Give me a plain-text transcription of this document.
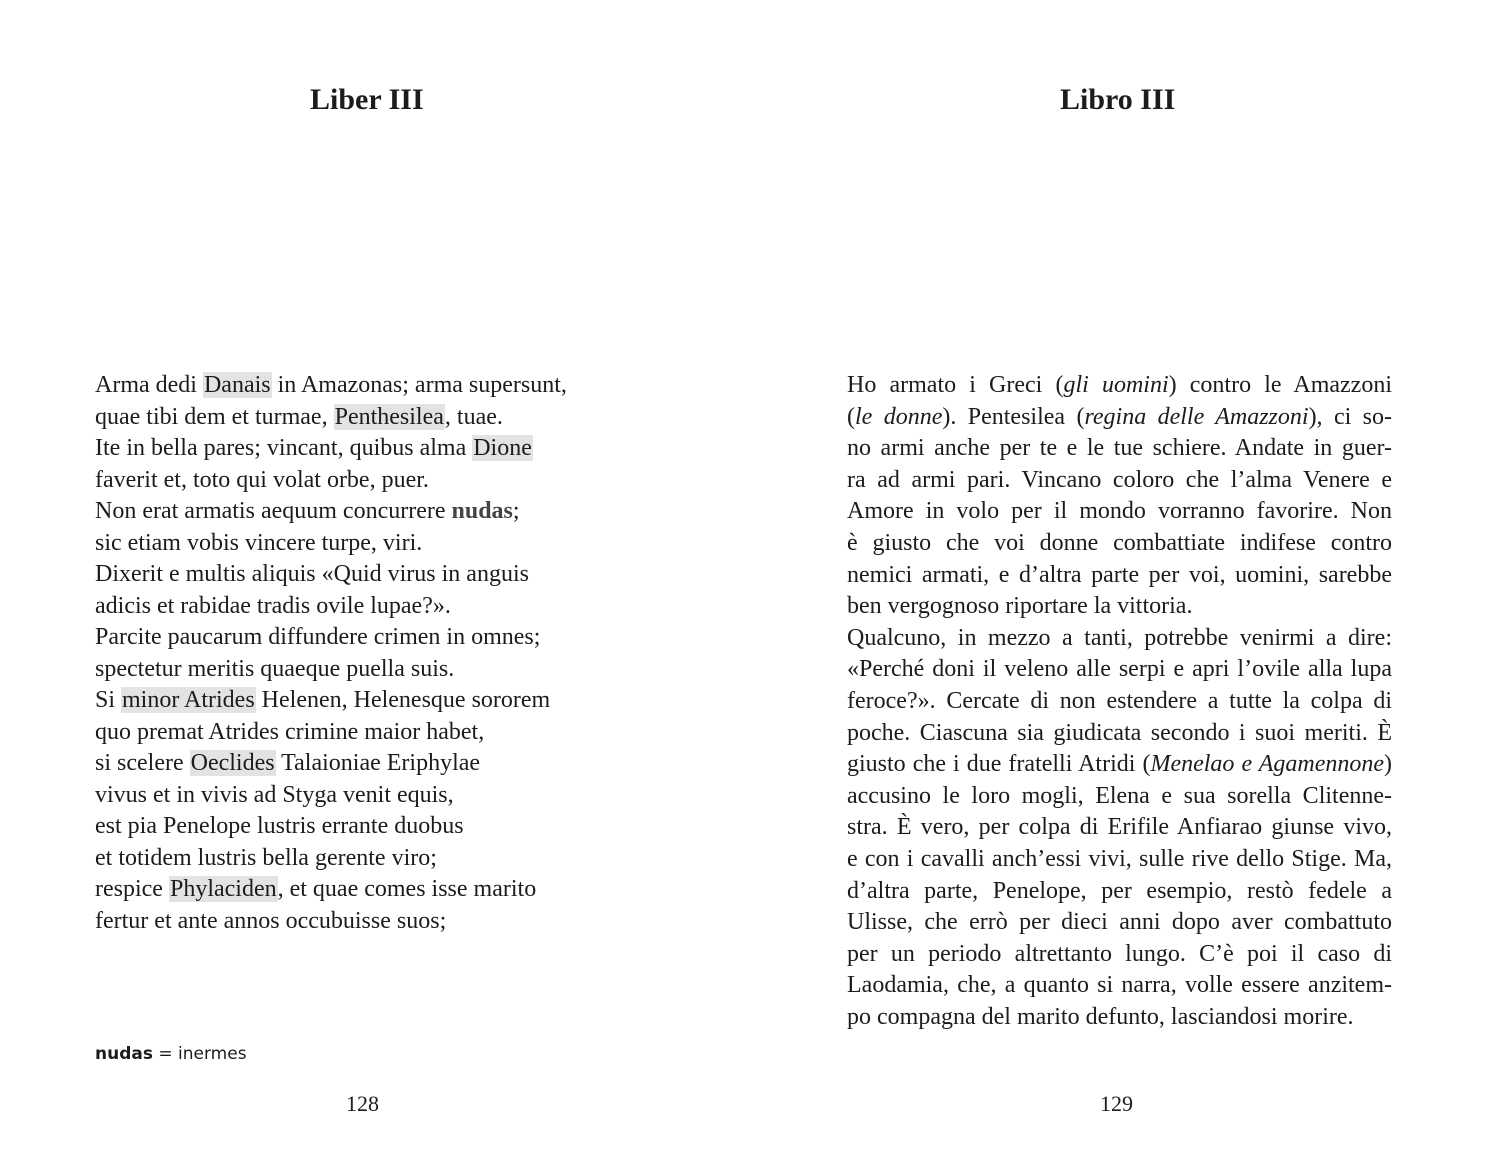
Liber III
Arma dedi Danais in Amazonas; arma supersunt,
quae tibi dem et turmae, Penthesilea, tuae.
Ite in bella pares; vincant, quibus alma Dione
faverit et, toto qui volat orbe, puer.
Non erat armatis aequum concurrere nudas;
sic etiam vobis vincere turpe, viri.
Dixerit e multis aliquis «Quid virus in anguis
adicis et rabidae tradis ovile lupae?».
Parcite paucarum diffundere crimen in omnes;
spectetur meritis quaeque puella suis.
Si minor Atrides Helenen, Helenesque sororem
quo premat Atrides crimine maior habet,
si scelere Oeclides Talaioniae Eriphylae
vivus et in vivis ad Styga venit equis,
est pia Penelope lustris errante duobus
et totidem lustris bella gerente viro;
respice Phylaciden, et quae comes isse marito
fertur et ante annos occubuisse suos;
nudas = inermes

128

Libro III
Ho armato i Greci (gli uomini) contro le Amazzoni
(le donne). Pentesilea (regina delle Amazzoni), ci so-
no armi anche per te e le tue schiere. Andate in guer-
ra ad armi pari. Vincano coloro che l’alma Venere e
Amore in volo per il mondo vorranno favorire. Non
è giusto che voi donne combattiate indifese contro
nemici armati, e d’altra parte per voi, uomini, sarebbe
ben vergognoso riportare la vittoria.
Qualcuno, in mezzo a tanti, potrebbe venirmi a dire:
«Perché doni il veleno alle serpi e apri l’ovile alla lupa
feroce?». Cercate di non estendere a tutte la colpa di
poche. Ciascuna sia giudicata secondo i suoi meriti. È
giusto che i due fratelli Atridi (Menelao e Agamennone)
accusino le loro mogli, Elena e sua sorella Clitenne-
stra. È vero, per colpa di Erifile Anfiarao giunse vivo,
e con i cavalli anch’essi vivi, sulle rive dello Stige. Ma,
d’altra parte, Penelope, per esempio, restò fedele a
Ulisse, che errò per dieci anni dopo aver combattuto
per un periodo altrettanto lungo. C’è poi il caso di
Laodamia, che, a quanto si narra, volle essere anzitem-
po compagna del marito defunto, lasciandosi morire.

129
